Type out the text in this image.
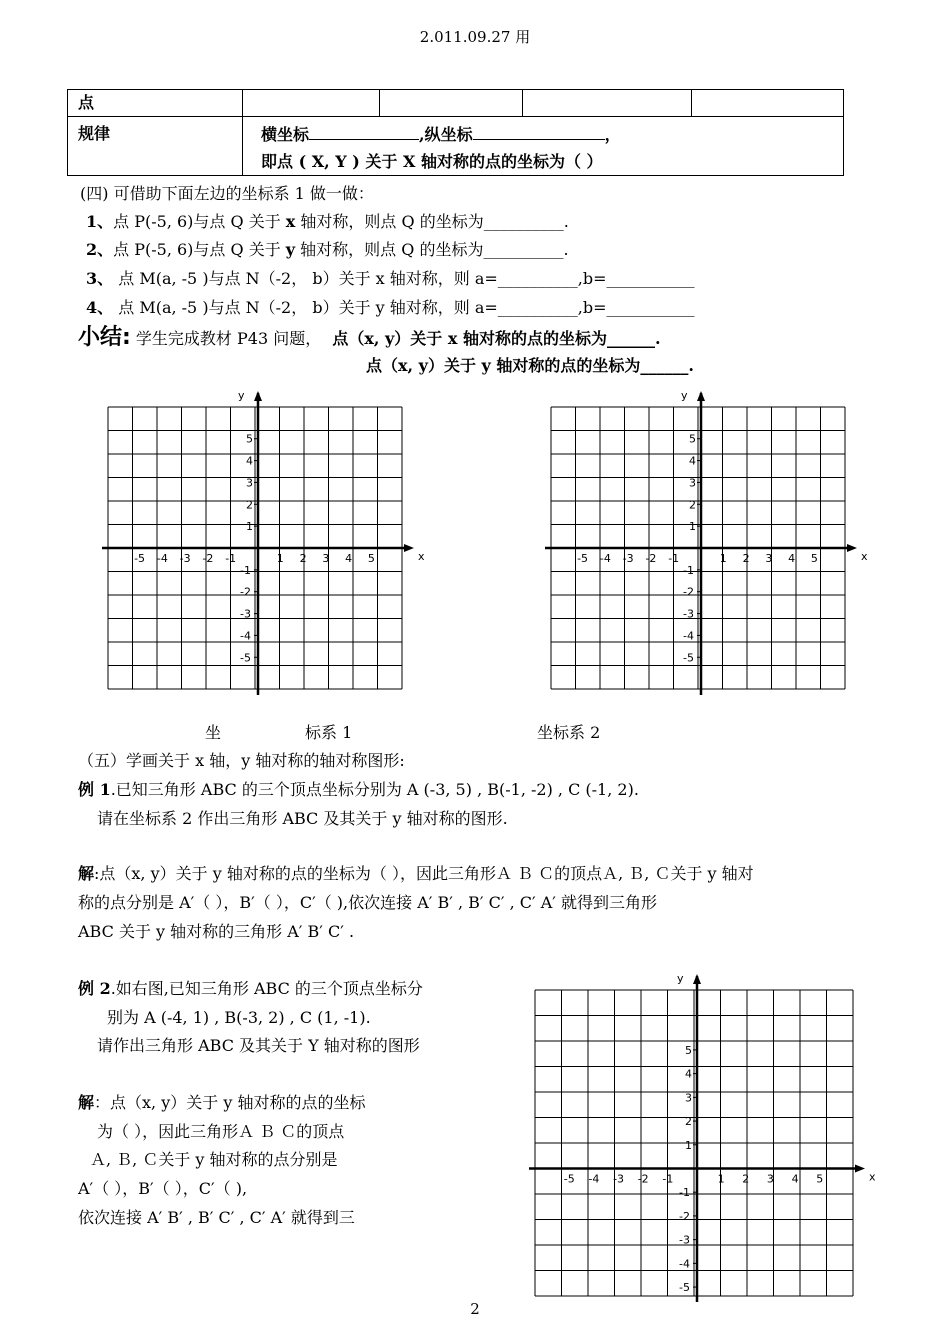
2.011.09.27 用
点				
规律	横坐标 ,纵坐标 ，
即点 ( X, Y ) 关于 X 轴对称的点的坐标为（ ）			
(四) 可借助下面左边的坐标系 1 做一做：
1、点 P(-5, 6)与点 Q 关于 x 轴对称，则点 Q 的坐标为__________.
2、点 P(-5, 6)与点 Q 关于 y 轴对称，则点 Q 的坐标为__________.
3、 点 M(a, -5 )与点 N（-2， b）关于 x 轴对称，则 a=__________,b=___________
4、 点 M(a, -5 )与点 N（-2， b）关于 y 轴对称，则 a=__________,b=___________
小结: 学生完成教材 P43 问题， 点（x, y）关于 x 轴对称的点的坐标为______.
点（x, y）关于 y 轴对称的点的坐标为______.
y
x
-5 -4 -3 -2 -1	1 2 3 4 5
5
4
3
2
1
-1
-2
-3
-4
-5
y
x
-5 -4 -3 -2 -1	1 2 3 4 5
5
4
3
2
1
-1
-2
-3
-4
-5
y
x
-5 -4 -3 -2 -1	1 2 3 4 5
5
4
3
2
1
-1
-2
-3
-4
-5
坐	标系 1	坐标系 2
（五）学画关于 x 轴，y 轴对称的轴对称图形:
例 1.已知三角形 ABC 的三个顶点坐标分别为 A (-3, 5) , B(-1, -2) , C (-1, 2).
请在坐标系 2 作出三角形 ABC 及其关于 y 轴对称的图形.
解:点（x, y）关于 y 轴对称的点的坐标为（ ），因此三角形Ａ Ｂ Ｃ的顶点Ａ, Ｂ, Ｃ关于 y 轴对
称的点分别是 A′（ ），B′（ ），C′（ ),依次连接 A′ B′ , B′ C′ , C′ A′ 就得到三角形
ABC 关于 y 轴对称的三角形 A′ B′ C′ .
例 2.如右图,已知三角形 ABC 的三个顶点坐标分
别为 A (-4, 1) , B(-3, 2) , C (1, -1).
请作出三角形 ABC 及其关于 Y 轴对称的图形
解：点（x, y）关于 y 轴对称的点的坐标
为（ ），因此三角形Ａ Ｂ Ｃ的顶点
Ａ, Ｂ, Ｃ关于 y 轴对称的点分别是
A′（ ），B′（ ），C′（ ),
依次连接 A′ B′ , B′ C′ , C′ A′ 就得到三
2
